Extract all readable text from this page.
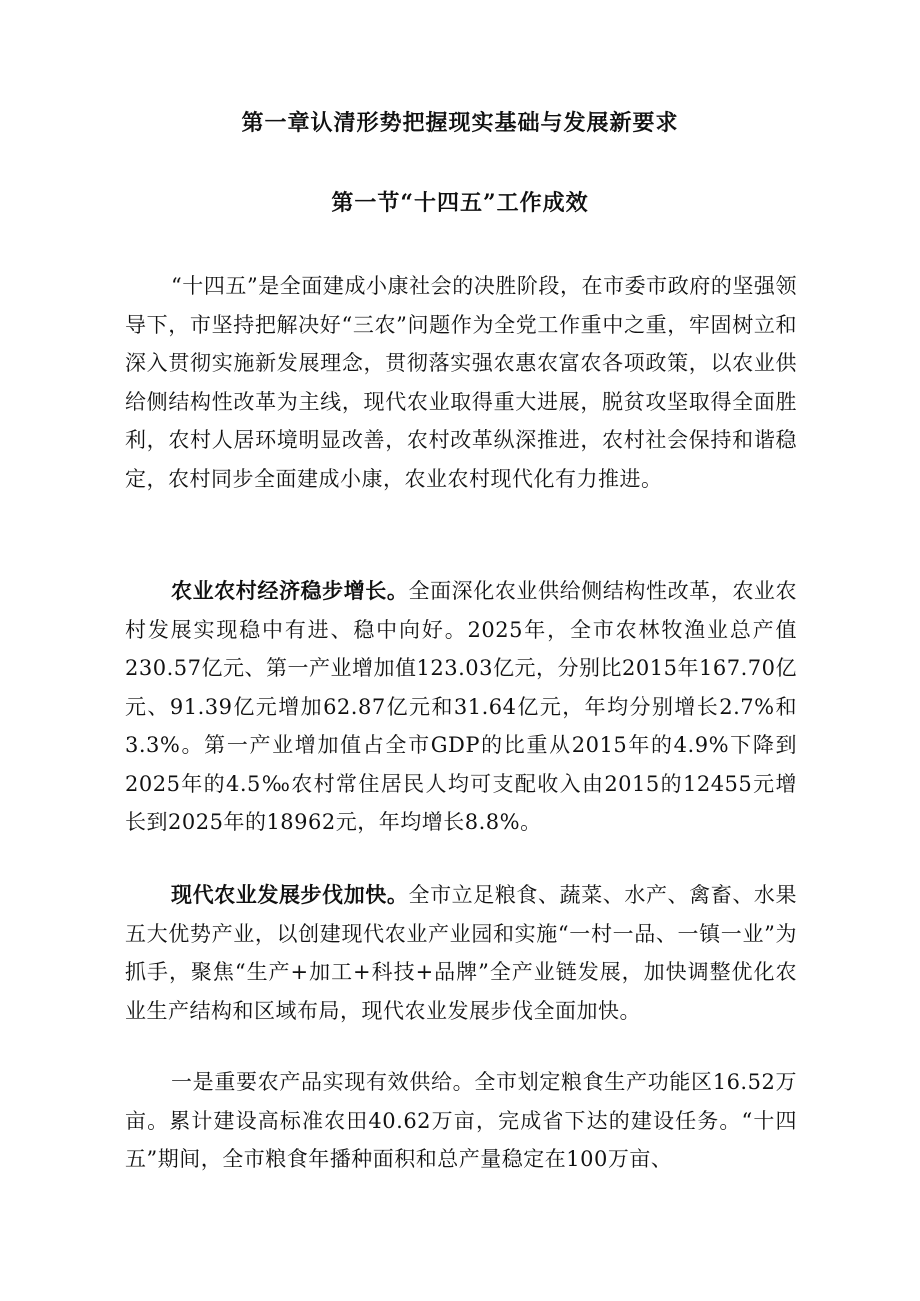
第一章认清形势把握现实基础与发展新要求
第一节“十四五”工作成效

“十四五”是全面建成小康社会的决胜阶段，在市委市政府的坚强领导下，市坚持把解决好“三农”问题作为全党工作重中之重，牢固树立和深入贯彻实施新发展理念，贯彻落实强农惠农富农各项政策，以农业供给侧结构性改革为主线，现代农业取得重大进展，脱贫攻坚取得全面胜利，农村人居环境明显改善，农村改革纵深推进，农村社会保持和谐稳定，农村同步全面建成小康，农业农村现代化有力推进。

农业农村经济稳步增长。全面深化农业供给侧结构性改革，农业农村发展实现稳中有进、稳中向好。2025年，全市农林牧渔业总产值230.57亿元、第一产业增加值123.03亿元，分别比2015年167.70亿元、91.39亿元增加62.87亿元和31.64亿元，年均分别增长2.7%和3.3%。第一产业增加值占全市GDP的比重从2015年的4.9%下降到2025年的4.5‰农村常住居民人均可支配收入由2015的12455元增长到2025年的18962元，年均增长8.8%。

现代农业发展步伐加快。全市立足粮食、蔬菜、水产、禽畜、水果五大优势产业，以创建现代农业产业园和实施“一村一品、一镇一业”为抓手，聚焦“生产+加工+科技+品牌”全产业链发展，加快调整优化农业生产结构和区域布局，现代农业发展步伐全面加快。

一是重要农产品实现有效供给。全市划定粮食生产功能区16.52万亩。累计建设高标准农田40.62万亩，完成省下达的建设任务。“十四五”期间，全市粮食年播种面积和总产量稳定在100万亩、
